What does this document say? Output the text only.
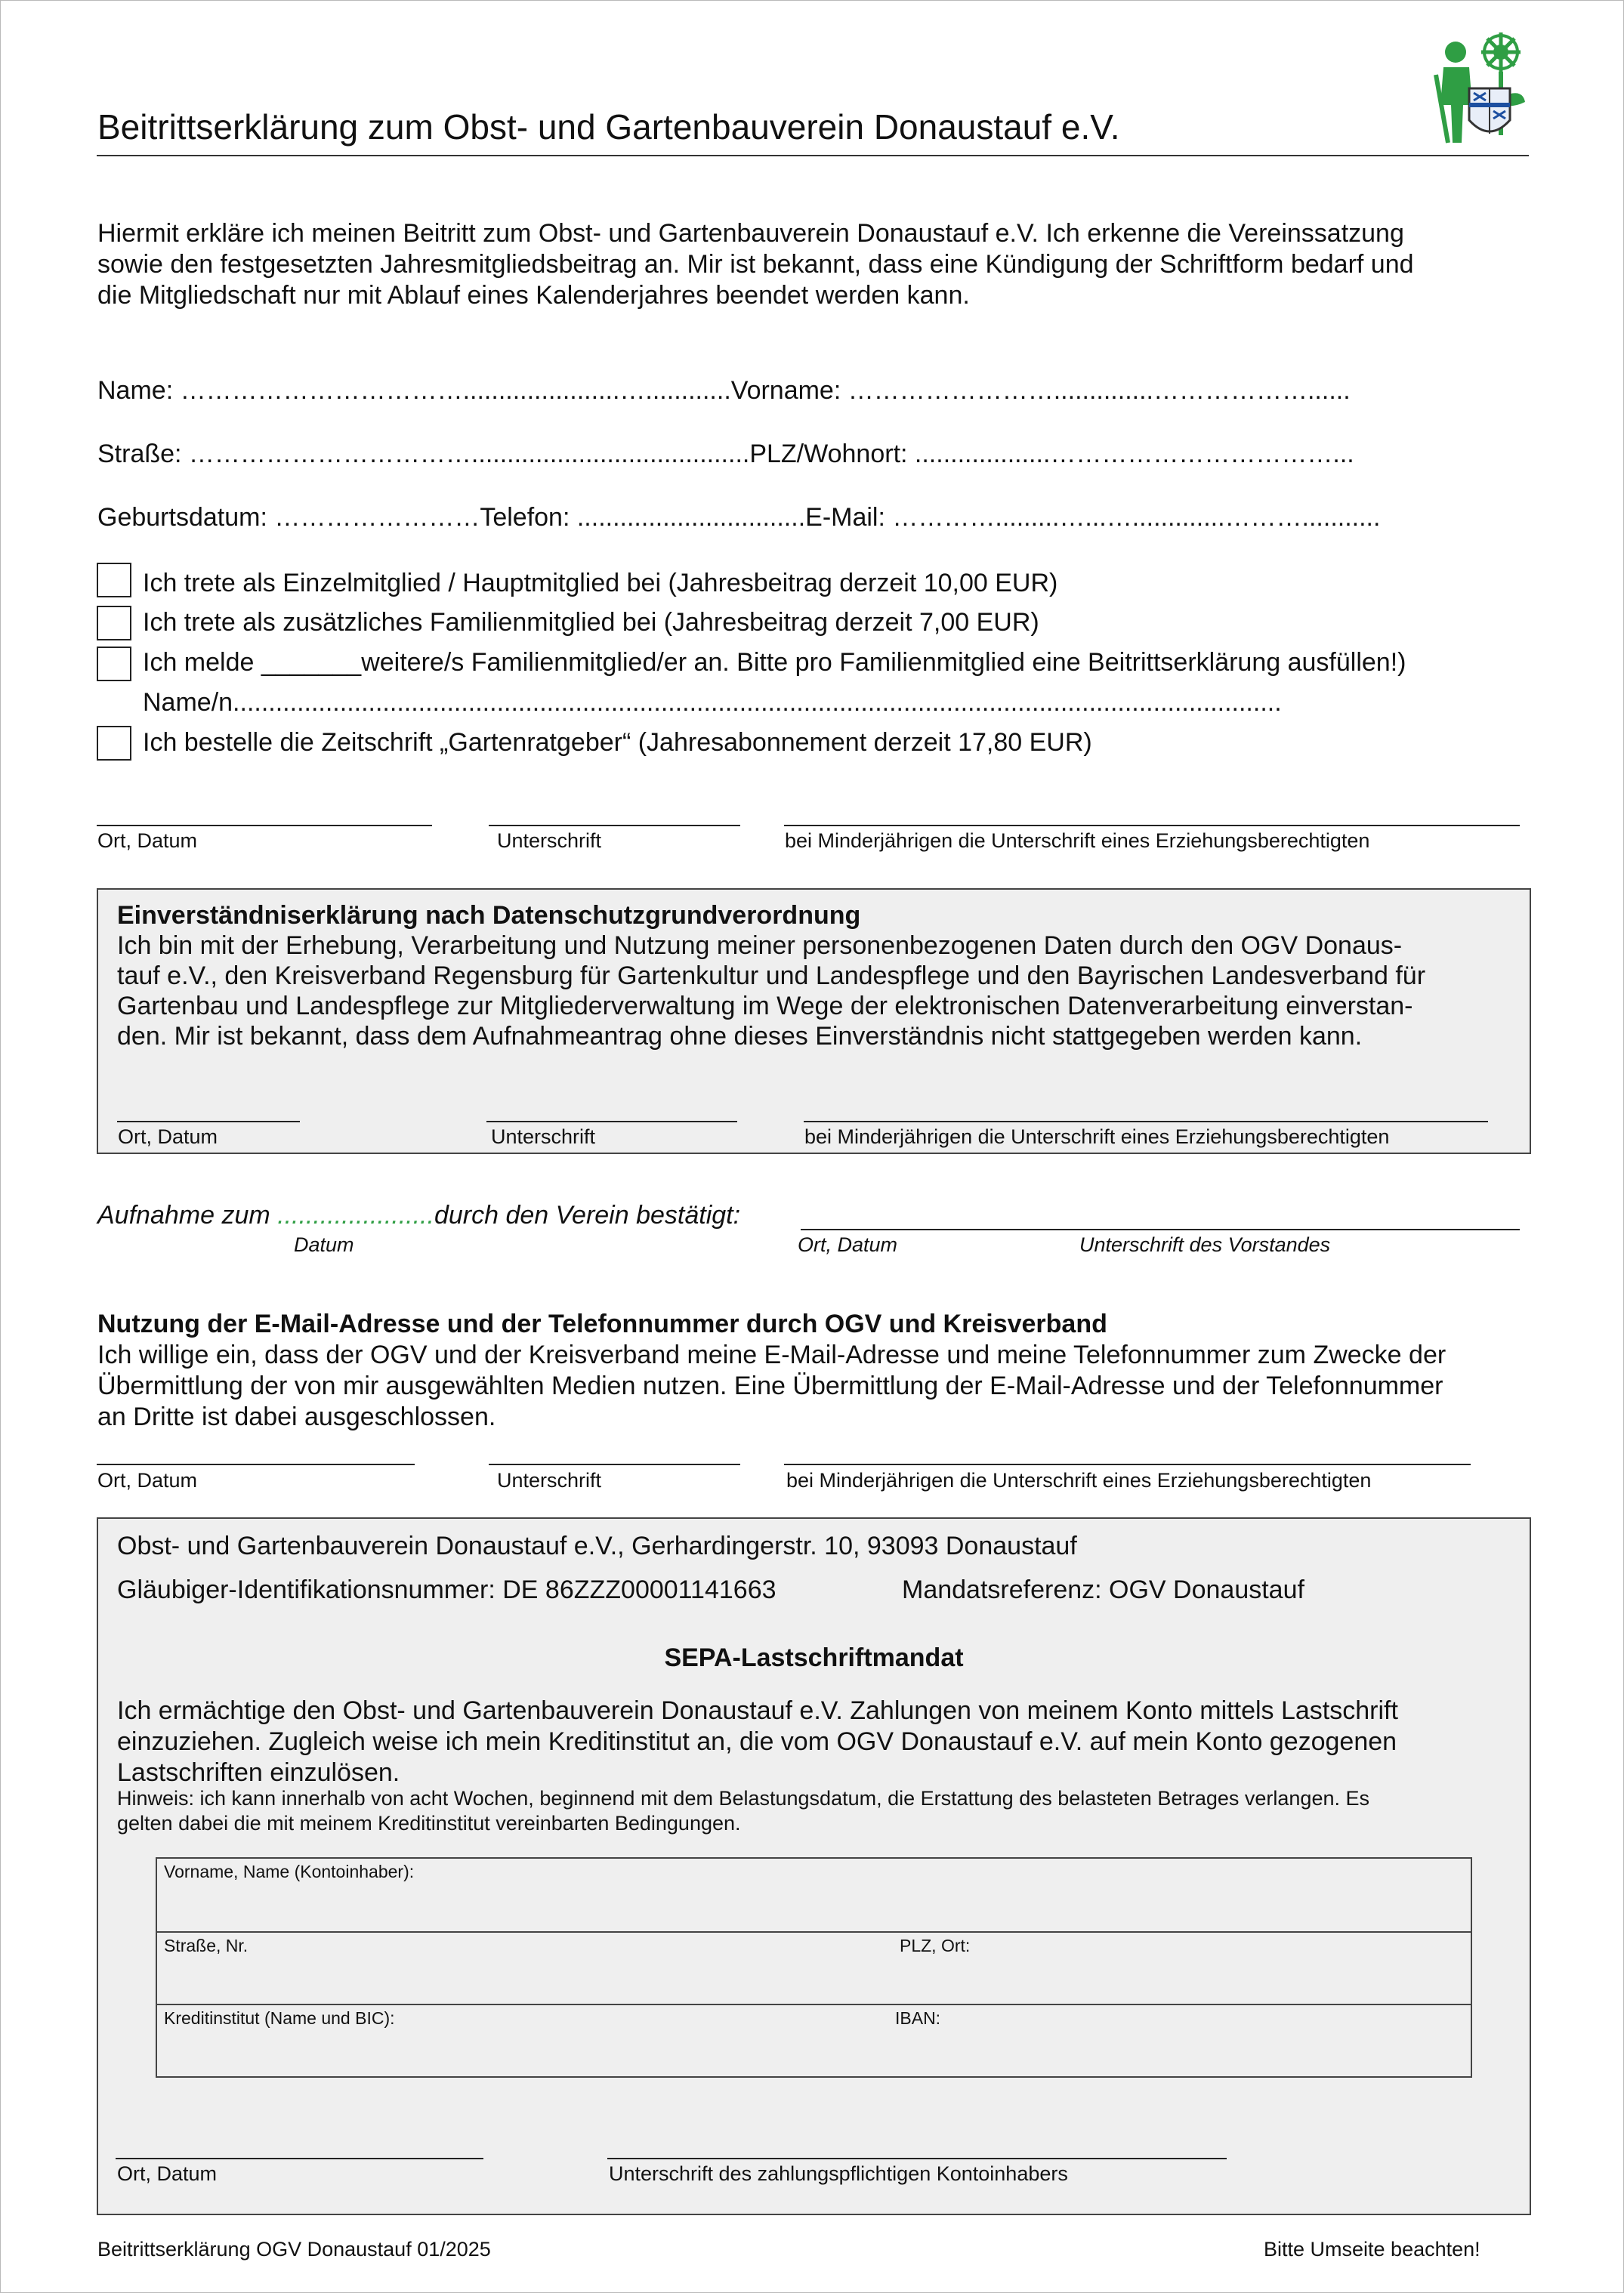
Beitrittserklärung zum Obst- und Gartenbauverein Donaustauf e.V.
Hiermit erkläre ich meinen Beitritt zum Obst- und Gartenbauverein Donaustauf e.V. Ich erkenne die Vereinssatzung
sowie den festgesetzten Jahresmitgliedsbeitrag an. Mir ist bekannt, dass eine Kündigung der Schriftform bedarf und
die Mitgliedschaft nur mit Ablauf eines Kalenderjahres beendet werden kann.
Name: ……………………………......................…............Vorname: ……………………..............………………......
Straße: …………………………….......................................PLZ/Wohnort: ...................……………………………...
Geburtsdatum: ……………………Telefon: ................................E-Mail: ………….........…...….............………...........
Ich trete als Einzelmitglied / Hauptmitglied bei (Jahresbeitrag derzeit 10,00 EUR)
Ich trete als zusätzliches Familienmitglied bei (Jahresbeitrag derzeit 7,00 EUR)
Ich melde _______weitere/s Familienmitglied/er an. Bitte pro Familienmitglied eine Beitrittserklärung ausfüllen!)
Name/n...................................................................................................................................................
Ich bestelle die Zeitschrift „Gartenratgeber“ (Jahresabonnement derzeit 17,80 EUR)
Ort, Datum	Unterschrift	bei Minderjährigen die Unterschrift eines Erziehungsberechtigten
Einverständniserklärung nach Datenschutzgrundverordnung
Ich bin mit der Erhebung, Verarbeitung und Nutzung meiner personenbezogenen Daten durch den OGV Donaus-
tauf e.V., den Kreisverband Regensburg für Gartenkultur und Landespflege und den Bayrischen Landesverband für
Gartenbau und Landespflege zur Mitgliederverwaltung im Wege der elektronischen Datenverarbeitung einverstan-
den. Mir ist bekannt, dass dem Aufnahmeantrag ohne dieses Einverständnis nicht stattgegeben werden kann.
Ort, Datum	Unterschrift	bei Minderjährigen die Unterschrift eines Erziehungsberechtigten
Aufnahme zum ......................durch den Verein bestätigt:
Datum	Ort, Datum	Unterschrift des Vorstandes
Nutzung der E-Mail-Adresse und der Telefonnummer durch OGV und Kreisverband
Ich willige ein, dass der OGV und der Kreisverband meine E-Mail-Adresse und meine Telefonnummer zum Zwecke der
Übermittlung der von mir ausgewählten Medien nutzen. Eine Übermittlung der E-Mail-Adresse und der Telefonnummer
an Dritte ist dabei ausgeschlossen.
Ort, Datum	Unterschrift	bei Minderjährigen die Unterschrift eines Erziehungsberechtigten
Obst- und Gartenbauverein Donaustauf e.V., Gerhardingerstr. 10, 93093 Donaustauf
Gläubiger-Identifikationsnummer: DE 86ZZZ00001141663	Mandatsreferenz: OGV Donaustauf
SEPA-Lastschriftmandat
Ich ermächtige den Obst- und Gartenbauverein Donaustauf e.V. Zahlungen von meinem Konto mittels Lastschrift
einzuziehen. Zugleich weise ich mein Kreditinstitut an, die vom OGV Donaustauf e.V. auf mein Konto gezogenen
Lastschriften einzulösen.
Hinweis: ich kann innerhalb von acht Wochen, beginnend mit dem Belastungsdatum, die Erstattung des belasteten Betrages verlangen. Es
gelten dabei die mit meinem Kreditinstitut vereinbarten Bedingungen.
Ort, Datum	Unterschrift des zahlungspflichtigen Kontoinhabers
Vorname, Name (Kontoinhaber):
Straße, Nr.	PLZ, Ort:
Kreditinstitut (Name und BIC):	IBAN:
Beitrittserklärung OGV Donaustauf 01/2025	Bitte Umseite beachten!
